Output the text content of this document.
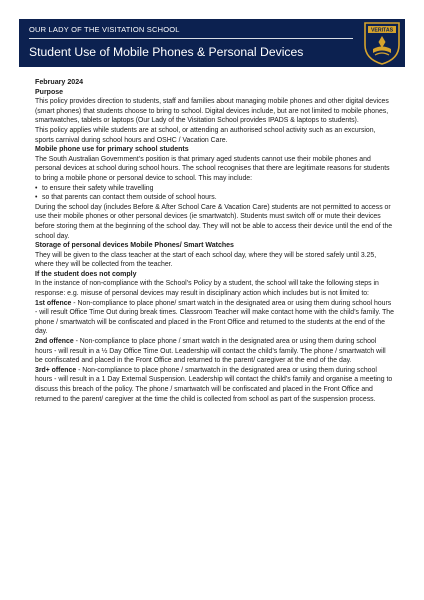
OUR LADY OF THE VISITATION SCHOOL
Student Use of Mobile Phones & Personal Devices
VERITAS

February 2024

Purpose

This policy provides direction to students, staff and families about managing mobile phones and other digital devices (smart phones) that students choose to bring to school. Digital devices include, but are not limited to mobile phones, smartwatches, tablets or laptops (Our Lady of the Visitation School provides IPADS & laptops to students).

This policy applies while students are at school, or attending an authorised school activity such as an excursion, sports carnival during school hours and OSHC / Vacation Care.

Mobile phone use for primary school students

The South Australian Government’s position is that primary aged students cannot use their mobile phones and personal devices at school during school hours. The school recognises that there are legitimate reasons for students to bring a mobile phone or personal device to school. This may include:

• to ensure their safety while travelling

• so that parents can contact them outside of school hours.

During the school day (includes Before & After School Care & Vacation Care) students are not permitted to access or use their mobile phones or other personal devices (ie smartwatch). Students must switch off or mute their devices before storing them at the beginning of the school day. They will not be able to access their device until the end of the school day.

Storage of personal devices Mobile Phones/ Smart Watches

They will be given to the class teacher at the start of each school day, where they will be stored safely until 3.25, where they will be collected from the teacher.

If the student does not comply

In the instance of non-compliance with the School’s Policy by a student, the school will take the following steps in response: e.g. misuse of personal devices may result in disciplinary action which includes but is not limited to:

1st offence - Non-compliance to place phone/ smart watch in the designated area or using them during school hours - will result Office Time Out during break times. Classroom Teacher will make contact home with the child’s family. The phone / smartwatch will be confiscated and placed in the Front Office and returned to the students at the end of the day.

2nd offence - Non-compliance to place phone / smart watch in the designated area or using them during school hours - will result in a ½ Day Office Time Out. Leadership will contact the child’s family. The phone / smartwatch will be confiscated and placed in the Front Office and returned to the parent/ caregiver at the end of the day.

3rd+ offence - Non-compliance to place phone / smartwatch in the designated area or using them during school hours - will result in a 1 Day External Suspension. Leadership will contact the child’s family and organise a meeting to discuss this breach of the policy. The phone / smartwatch will be confiscated and placed in the Front Office and returned to the parent/ caregiver at the time the child is collected from school as part of the suspension process.
